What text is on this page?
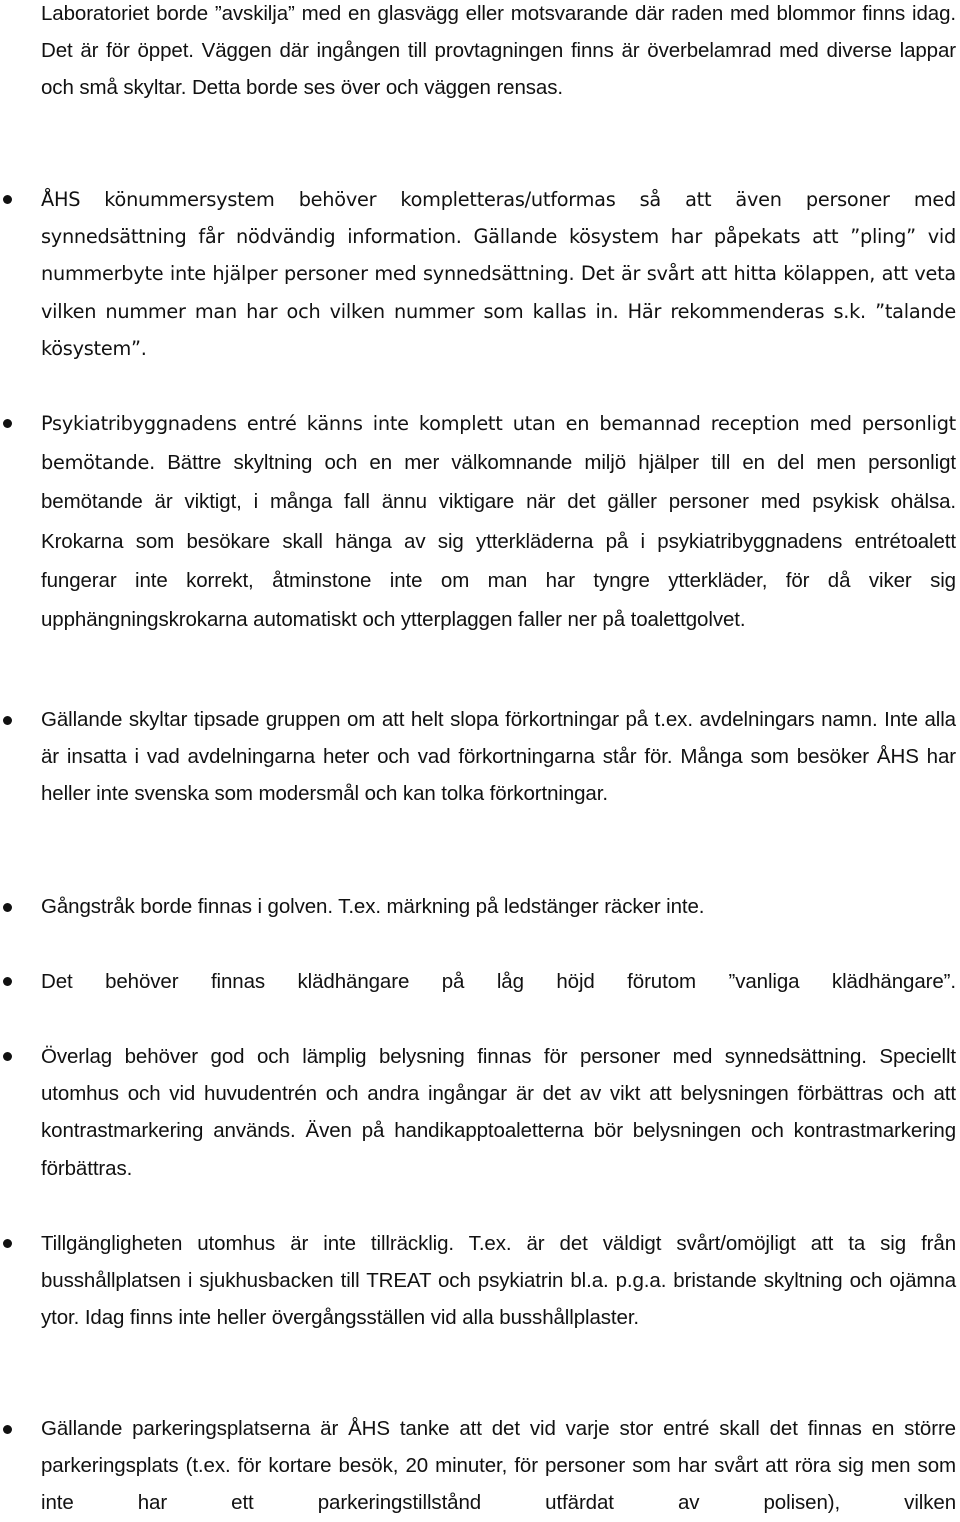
Laboratoriet borde ”avskilja” med en glasvägg eller motsvarande där raden med blommor finns idag. Det är för öppet. Väggen där ingången till provtagningen finns är överbelamrad med diverse lappar och små skyltar. Detta borde ses över och väggen rensas.
ÅHS könummersystem behöver kompletteras/utformas så att även personer med synnedsättning får nödvändig information. Gällande kösystem har påpekats att ”pling” vid nummerbyte inte hjälper personer med synnedsättning. Det är svårt att hitta kölappen, att veta vilken nummer man har och vilken nummer som kallas in. Här rekommenderas s.k. ”talande kösystem”.
Psykiatribyggnadens entré känns inte komplett utan en bemannad reception med personligt bemötande. Bättre skyltning och en mer välkomnande miljö hjälper till en del men personligt bemötande är viktigt, i många fall ännu viktigare när det gäller personer med psykisk ohälsa. Krokarna som besökare skall hänga av sig ytterkläderna på i psykiatribyggnadens entrétoalett fungerar inte korrekt, åtminstone inte om man har tyngre ytterkläder, för då viker sig upphängningskrokarna automatiskt och ytterplaggen faller ner på toalettgolvet.
Gällande skyltar tipsade gruppen om att helt slopa förkortningar på t.ex. avdelningars namn. Inte alla är insatta i vad avdelningarna heter och vad förkortningarna står för. Många som besöker ÅHS har heller inte svenska som modersmål och kan tolka förkortningar.
Gångstråk borde finnas i golven. T.ex. märkning på ledstänger räcker inte.
Det behöver finnas klädhängare på låg höjd förutom ”vanliga klädhängare”.
Överlag behöver god och lämplig belysning finnas för personer med synnedsättning. Speciellt utomhus och vid huvudentrén och andra ingångar är det av vikt att belysningen förbättras och att kontrastmarkering används. Även på handikapptoaletterna bör belysningen och kontrastmarkering förbättras.
Tillgängligheten utomhus är inte tillräcklig. T.ex. är det väldigt svårt/omöjligt att ta sig från busshållplatsen i sjukhusbacken till TREAT och psykiatrin bl.a. p.g.a. bristande skyltning och ojämna ytor. Idag finns inte heller övergångsställen vid alla busshållplaster.
Gällande parkeringsplatserna är ÅHS tanke att det vid varje stor entré skall det finnas en större parkeringsplats (t.ex. för kortare besök, 20 minuter, för personer som har svårt att röra sig men som inte har ett parkeringstillstånd utfärdat av polisen), vilken
